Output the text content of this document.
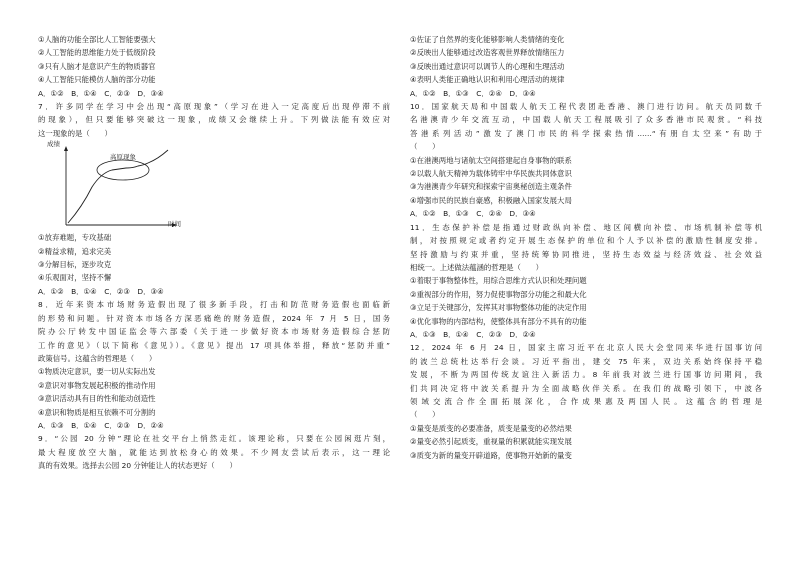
①人脑的功能全部比人工智能要强大
②人工智能的思维能力处于低级阶段
③只有人脑才是意识产生的物质器官
④人工智能只能模仿人脑的部分功能
A．①②　B．①④　C．②③　D．③④
7．许多同学在学习中会出现“高原现象”（学习在进入一定高度后出现停滞不前
的现象），但只要能够突破这一现象，成绩又会继续上升。下列做法能有效应对
这一现象的是（　　）
成绩
时间
高原现象
①放弃难题，专攻基础
②精益求精，追求完美
③分解目标，逐步攻克
④乐观面对，坚持不懈
A．①②　B．①④　C．②③　D．③④
8．近年来资本市场财务造假出现了很多新手段，打击和防范财务造假也面临新
的形势和问题。针对资本市场各方深恶痛绝的财务造假，2024 年 7 月 5 日，国务
院办公厅转发中国证监会等六部委《关于进一步做好资本市场财务造假综合惩防
工作的意见》（以下简称《意见》）。《意见》提出 17 项具体举措，释放“惩防并重”
政策信号。这蕴含的哲理是（　　）
①物质决定意识，要一切从实际出发
②意识对事物发展起积极的推动作用
③意识活动具有目的性和能动创造性
④意识和物质是相互依赖不可分割的
A．①③　B．①④　C．②③　D．②④
9．“公园 20 分钟”理论在社交平台上悄然走红。该理论称，只要在公园闲逛片刻，
最大程度放空大脑，就能达到放松身心的效果。不少网友尝试后表示，这一理论
真的有效果。选择去公园 20 分钟能让人的状态更好（　　）
①佐证了自然界的变化能够影响人类情绪的变化
②反映出人能够通过改造客观世界释放情绪压力
③反映出通过意识可以调节人的心理和生理活动
④表明人类能正确地认识和利用心理活动的规律
A．①②　B．①③　C．②④　D．③④
10．国家航天局和中国载人航天工程代表团赴香港、澳门进行访问。航天员同数千
名港澳青少年交流互动，中国载人航天工程展吸引了众多香港市民观赏。“科技
答港系列活动”激发了澳门市民的科学探索热情……“有朋自太空来”有助于
（　　）
①在港澳两地与诸航太空间搭建起自身事物的联系
②以载人航天精神为载体铸牢中华民族共同体意识
③为港澳青少年研究和探索宇宙奥秘创造主观条件
④增强市民的民族自豪感，积极融入国家发展大局
A．①②　B．①③　C．②④　D．③④
11．生态保护补偿是指通过财政纵向补偿、地区间横向补偿、市场机制补偿等机
制，对按照规定或者约定开展生态保护的单位和个人予以补偿的激励性制度安排。
坚持激励与约束并重，坚持统筹协同推进，坚持生态效益与经济效益、社会效益
相统一。上述做法蕴涵的哲理是（　　）
①着眼于事物整体性，用综合思维方式认识和处理问题
②重视部分的作用，努力促使事物部分功能之和最大化
③立足于关键部分，发挥其对事物整体功能的决定作用
④优化事物的内部结构，使整体具有部分不具有的功能
A．①③　B．①④　C．②③　D．②④
12．2024 年 6 月 24 日，国家主席习近平在北京人民大会堂同来华进行国事访问
的波兰总统杜达举行会谈。习近平指出，建交 75 年来，双边关系始终保持平稳
发展，不断为两国传统友谊注入新活力。8 年前我对波兰进行国事访问期间，我
们共同决定将中波关系提升为全面战略伙伴关系。在我们的战略引领下，中波各
领域交流合作全面拓展深化，合作成果惠及两国人民。这蕴含的哲理是
（　　）
①量变是质变的必要准备，质变是量变的必然结果
②量变必然引起质变，重视量的积累就能实现发展
③质变为新的量变开辟道路，使事物开始新的量变
